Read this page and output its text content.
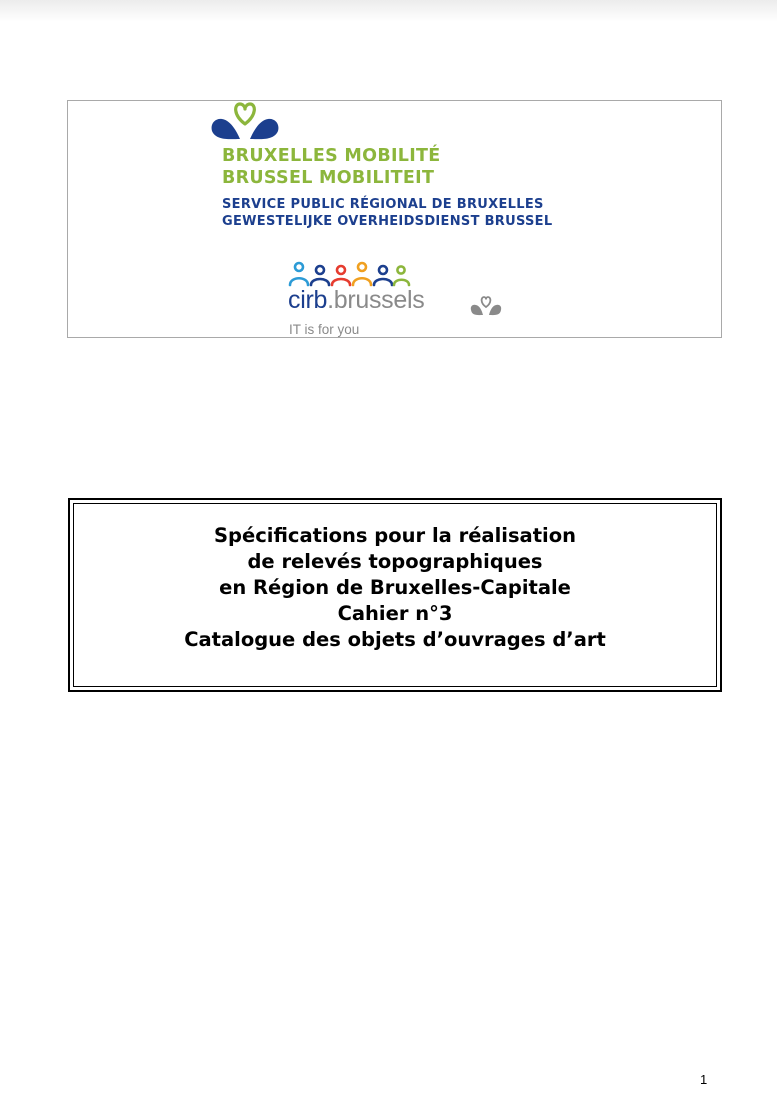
BRUXELLES MOBILITÉ
BRUSSEL MOBILITEIT
SERVICE PUBLIC RÉGIONAL DE BRUXELLES
GEWESTELIJKE OVERHEIDSDIENST BRUSSEL
cirb.brussels
IT is for you
Spécifications pour la réalisation
de relevés topographiques
en Région de Bruxelles-Capitale
Cahier n°3
Catalogue des objets d’ouvrages d’art
1
